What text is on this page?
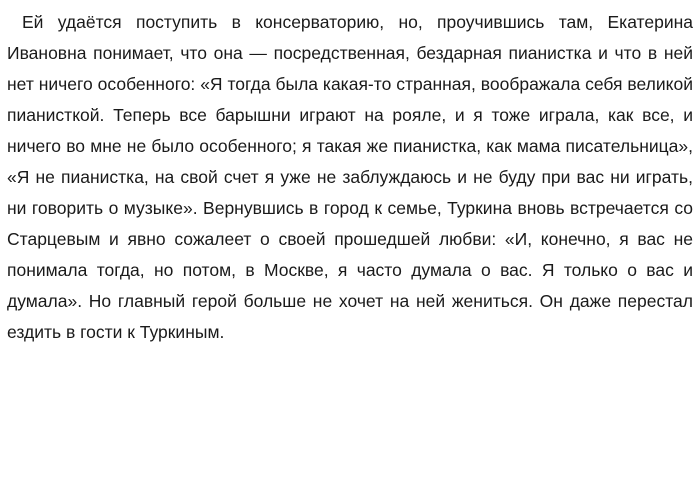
Ей удаётся поступить в консерваторию, но, проучившись там, Екатерина Ивановна понимает, что она — посредственная, бездарная пианистка и что в ней нет ничего особенного: «Я тогда была какая-то странная, воображала себя великой пианисткой. Теперь все барышни играют на рояле, и я тоже играла, как все, и ничего во мне не было особенного; я такая же пианистка, как мама писательница», «Я не пианистка, на свой счет я уже не заблуждаюсь и не буду при вас ни играть, ни говорить о музыке». Вернувшись в город к семье, Туркина вновь встречается со Старцевым и явно сожалеет о своей прошедшей любви: «И, конечно, я вас не понимала тогда, но потом, в Москве, я часто думала о вас. Я только о вас и думала». Но главный герой больше не хочет на ней жениться. Он даже перестал ездить в гости к Туркиным.
